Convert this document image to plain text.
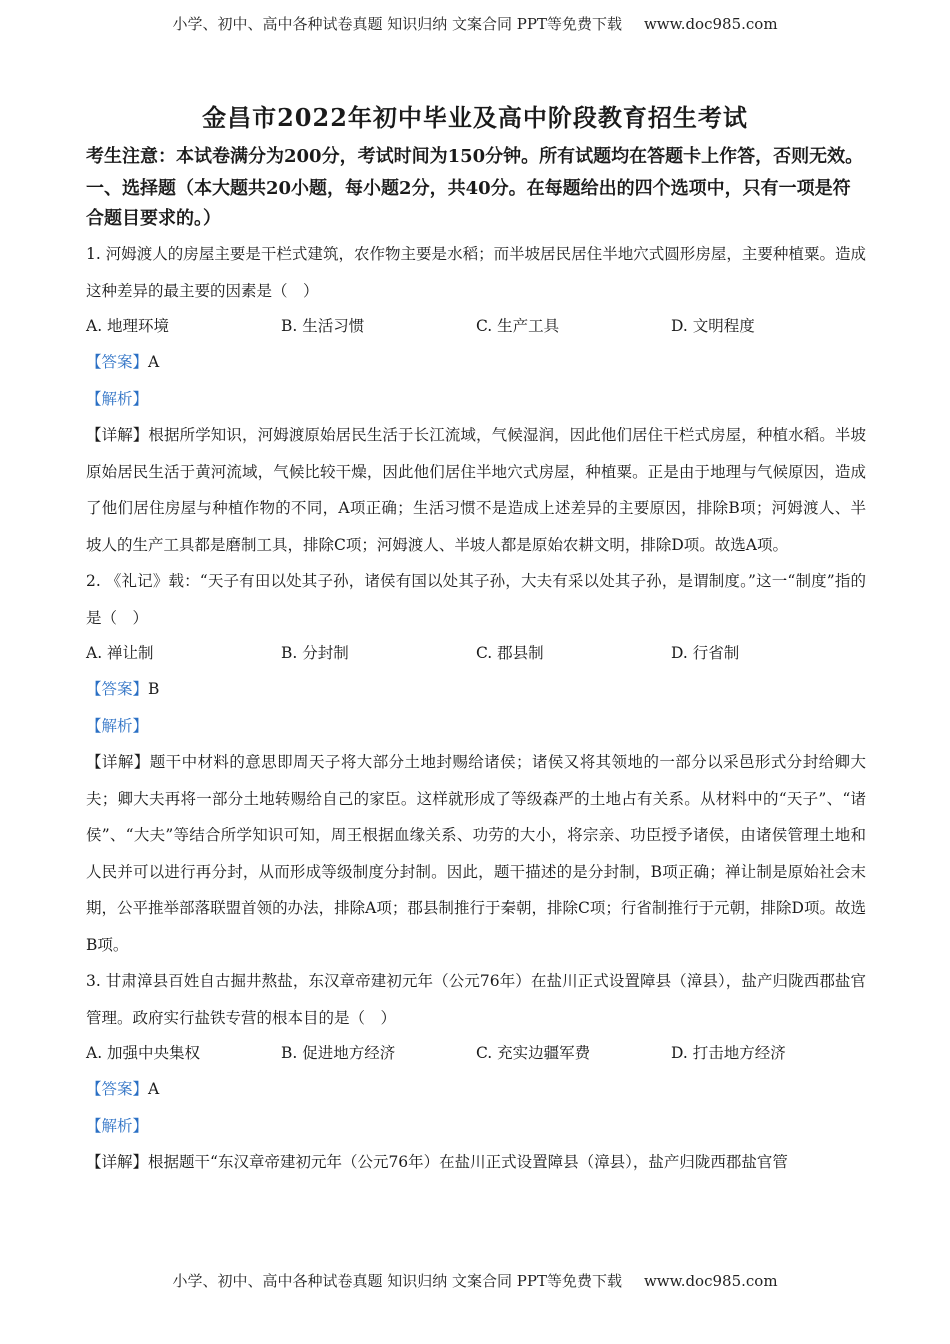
小学、初中、高中各种试卷真题 知识归纳 文案合同 PPT等免费下载 www.doc985.com
金昌市2022年初中毕业及高中阶段教育招生考试

考生注意：本试卷满分为200分，考试时间为150分钟。所有试题均在答题卡上作答，否则无效。

一、选择题（本大题共20小题，每小题2分，共40分。在每题给出的四个选项中，只有一项是符合题目要求的。）

1. 河姆渡人的房屋主要是干栏式建筑，农作物主要是水稻；而半坡居民居住半地穴式圆形房屋，主要种植粟。造成这种差异的最主要的因素是（　）

A. 地理环境	B. 生活习惯	C. 生产工具	D. 文明程度

【答案】A

【解析】

【详解】根据所学知识，河姆渡原始居民生活于长江流域，气候湿润，因此他们居住干栏式房屋，种植水稻。半坡原始居民生活于黄河流域，气候比较干燥，因此他们居住半地穴式房屋，种植粟。正是由于地理与气候原因，造成了他们居住房屋与种植作物的不同，A项正确；生活习惯不是造成上述差异的主要原因，排除B项；河姆渡人、半坡人的生产工具都是磨制工具，排除C项；河姆渡人、半坡人都是原始农耕文明，排除D项。故选A项。

2. 《礼记》载：“天子有田以处其子孙，诸侯有国以处其子孙，大夫有采以处其子孙，是谓制度。”这一“制度”指的是（　）

A. 禅让制	B. 分封制	C. 郡县制	D. 行省制

【答案】B

【解析】

【详解】题干中材料的意思即周天子将大部分土地封赐给诸侯；诸侯又将其领地的一部分以采邑形式分封给卿大夫；卿大夫再将一部分土地转赐给自己的家臣。这样就形成了等级森严的土地占有关系。从材料中的“天子”、“诸侯”、“大夫”等结合所学知识可知，周王根据血缘关系、功劳的大小，将宗亲、功臣授予诸侯，由诸侯管理土地和人民并可以进行再分封，从而形成等级制度分封制。因此，题干描述的是分封制，B项正确；禅让制是原始社会末期，公平推举部落联盟首领的办法，排除A项；郡县制推行于秦朝，排除C项；行省制推行于元朝，排除D项。故选B项。

3. 甘肃漳县百姓自古掘井熬盐，东汉章帝建初元年（公元76年）在盐川正式设置障县（漳县），盐产归陇西郡盐官管理。政府实行盐铁专营的根本目的是（　）

A. 加强中央集权	B. 促进地方经济	C. 充实边疆军费	D. 打击地方经济

【答案】A

【解析】

【详解】根据题干“东汉章帝建初元年（公元76年）在盐川正式设置障县（漳县），盐产归陇西郡盐官管

小学、初中、高中各种试卷真题 知识归纳 文案合同 PPT等免费下载 www.doc985.com
